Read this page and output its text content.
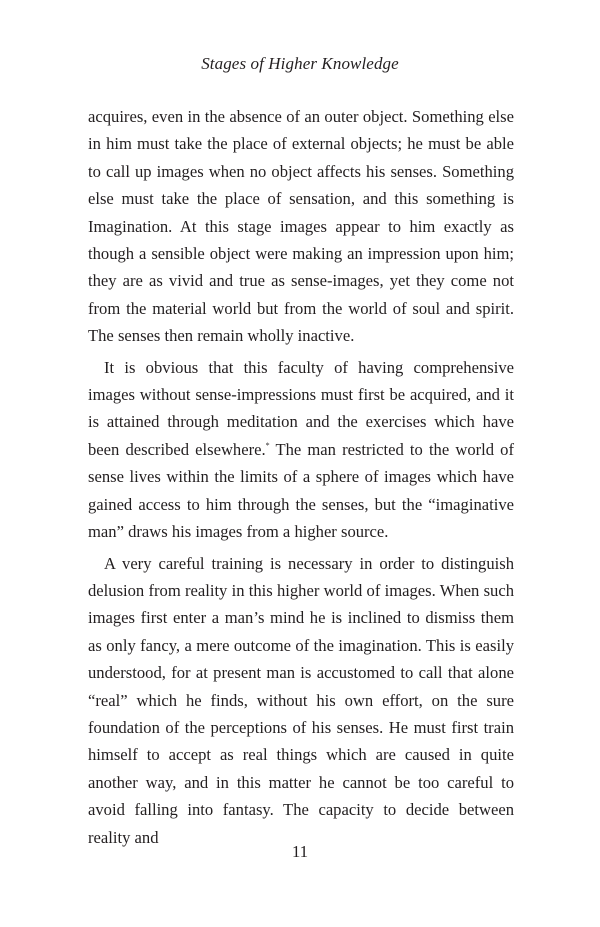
Stages of Higher Knowledge

acquires, even in the absence of an outer object. Something else in him must take the place of external objects; he must be able to call up images when no object affects his senses. Something else must take the place of sensation, and this something is Imagination. At this stage images appear to him exactly as though a sensible object were making an impression upon him; they are as vivid and true as sense-images, yet they come not from the material world but from the world of soul and spirit. The senses then remain wholly inactive.

It is obvious that this faculty of having comprehensive images without sense-impressions must first be acquired, and it is attained through meditation and the exercises which have been described elsewhere.* The man restricted to the world of sense lives within the limits of a sphere of images which have gained access to him through the senses, but the “imaginative man” draws his images from a higher source.

A very careful training is necessary in order to distinguish delusion from reality in this higher world of images. When such images first enter a man’s mind he is inclined to dismiss them as only fancy, a mere outcome of the imagination. This is easily understood, for at present man is accustomed to call that alone “real” which he finds, without his own effort, on the sure foundation of the perceptions of his senses. He must first train himself to accept as real things which are caused in quite another way, and in this matter he cannot be too careful to avoid falling into fantasy. The capacity to decide between reality and

11
